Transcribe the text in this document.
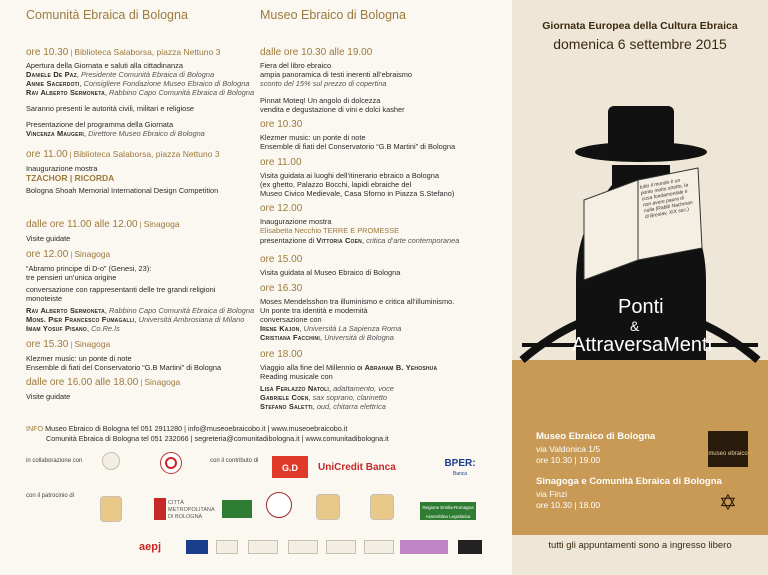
Comunità Ebraica di Bologna
ore 10.30 | Biblioteca Salaborsa, piazza Nettuno 3
Apertura della Giornata e saluti alla cittadinanza
Daniele De Paz, Presidente Comunità Ebraica di Bologna
Annie Sacerdoti, Consigliere Fondazione Museo Ebraico di Bologna
Rav Alberto Sermoneta, Rabbino Capo Comunità Ebraica di Bologna
Saranno presenti le autorità civili, militari e religiose
Presentazione del programma della Giornata
Vincenza Maugeri, Direttore Museo Ebraico di Bologna
ore 11.00 | Biblioteca Salaborsa, piazza Nettuno 3
Inaugurazione mostra
TZACHOR | RICORDA
Bologna Shoah Memorial International Design Competition
dalle ore 11.00 alle 12.00 | Sinagoga
Visite guidate
ore 12.00 | Sinagoga
“Abramo principe di D-o” (Genesi, 23):
tre pensieri un’unica origine
conversazione con rappresentanti delle tre grandi religioni
monoteiste
Rav Alberto Sermoneta, Rabbino Capo Comunità Ebraica di Bologna
Mons. Pier Francesco Fumagalli, Università Ambrosiana di Milano
Imam Yosuf Pisano, Co.Re.Is
ore 15.30 | Sinagoga
Klezmer music: un ponte di note
Ensemble di fiati del Conservatorio “G.B Martini” di Bologna
dalle ore 16.00 alle 18.00 | Sinagoga
Visite guidate
Museo Ebraico di Bologna
dalle ore 10.30 alle 19.00
Fiera del libro ebraico
ampia panoramica di testi inerenti all’ebraismo
sconto del 15% sul prezzo di copertina
Pinnat Moteq! Un angolo di dolcezza
vendita e degustazione di vini e dolci kasher
ore 10.30
Klezmer music: un ponte di note
Ensemble di fiati del Conservatorio “G.B Martini” di Bologna
ore 11.00
Visita guidata ai luoghi dell’itinerario ebraico a Bologna
(ex ghetto, Palazzo Bocchi, lapidi ebraiche del
Museo Civico Medievale, Casa Sforno in Piazza S.Stefano)
ore 12.00
Inaugurazione mostra
Elisabetta Necchio TERRE E PROMESSE
presentazione di Vittoria Coen, critica d’arte contemporanea
ore 15.00
Visita guidata al Museo Ebraico di Bologna
ore 16.30
Moses Mendelsshon tra illuminismo e critica all’illuminismo.
Un ponte tra identità e modernità
conversazione con
Irene Kajon, Università La Sapienza Roma
Cristiana Facchini, Università di Bologna
ore 18.00
Viaggio alla fine del Millennio di Abraham B. Yehoshua
Reading musicale con
Lisa Ferlazzo Natoli, adattamento, voce
Gabriele Coen, sax soprano, clarinetto
Stefano Saletti, oud, chitarra elettrica
INFO Museo Ebraico di Bologna tel 051 2911280 | info@museoebraicobo.it | www.museoebraicobo.it
Comunità Ebraica di Bologna tel 051 232066 | segreteria@comunitadibologna.it | www.comunitadibologna.it
in collaborazione con	con il contributo di
con il patrocinio di
G.D	UniCredit Banca	BPER:
Banca
CITTÀ METROPOLITANA DI BOLOGNA
Regione Emilia-Romagna Assemblea Legislativa
aepj
Giornata Europea della Cultura Ebraica
domenica 6 settembre 2015
tutto il mondo è un ponte molto stretto, la cosa fondamentale è non avere paura di nulla (Rabbi Nachman di Breslav, XIX sec.)
Ponti
&
AttraversaMenti
Museo Ebraico di Bologna
via Valdonica 1/5
ore 10.30 | 19.00
Sinagoga e Comunità Ebraica di Bologna
via Finzi
ore 10.30 | 18.00
museo ebraico
✡
tutti gli appuntamenti sono a ingresso libero
